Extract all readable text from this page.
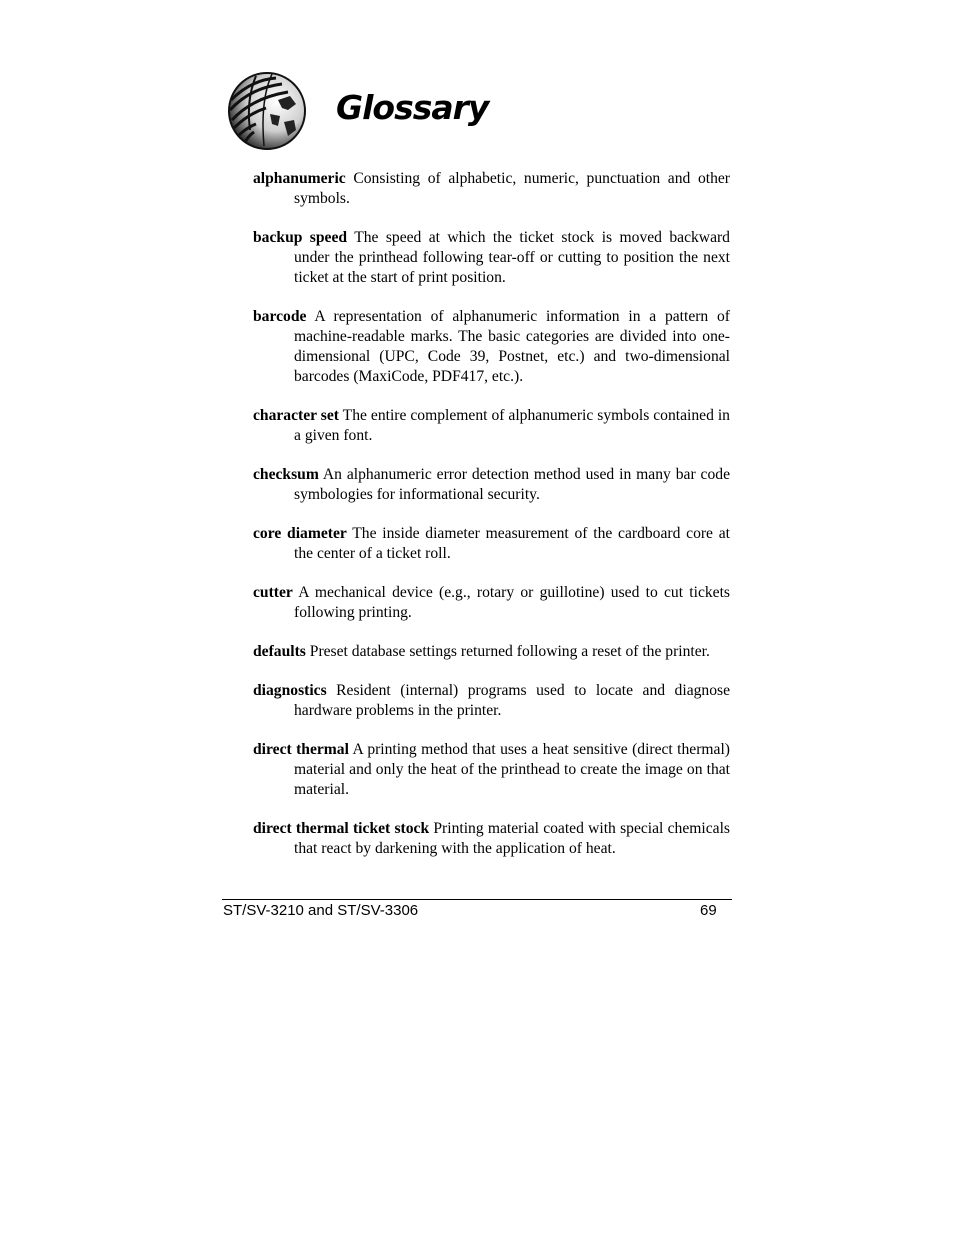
Glossary

alphanumeric Consisting of alphabetic, numeric, punctuation and other symbols.

backup speed The speed at which the ticket stock is moved backward under the printhead following tear-off or cutting to position the next ticket at the start of print position.

barcode A representation of alphanumeric information in a pattern of machine-readable marks. The basic categories are divided into one-dimensional (UPC, Code 39, Postnet, etc.) and two-dimensional barcodes (MaxiCode, PDF417, etc.).

character set The entire complement of alphanumeric symbols contained in a given font.

checksum An alphanumeric error detection method used in many bar code symbologies for informational security.

core diameter The inside diameter measurement of the cardboard core at the center of a ticket roll.

cutter A mechanical device (e.g., rotary or guillotine) used to cut tickets following printing.

defaults Preset database settings returned following a reset of the printer.

diagnostics Resident (internal) programs used to locate and diagnose hardware problems in the printer.

direct thermal A printing method that uses a heat sensitive (direct thermal) material and only the heat of the printhead to create the image on that material.

direct thermal ticket stock Printing material coated with special chemicals that react by darkening with the application of heat.

ST/SV-3210 and ST/SV-3306	69
